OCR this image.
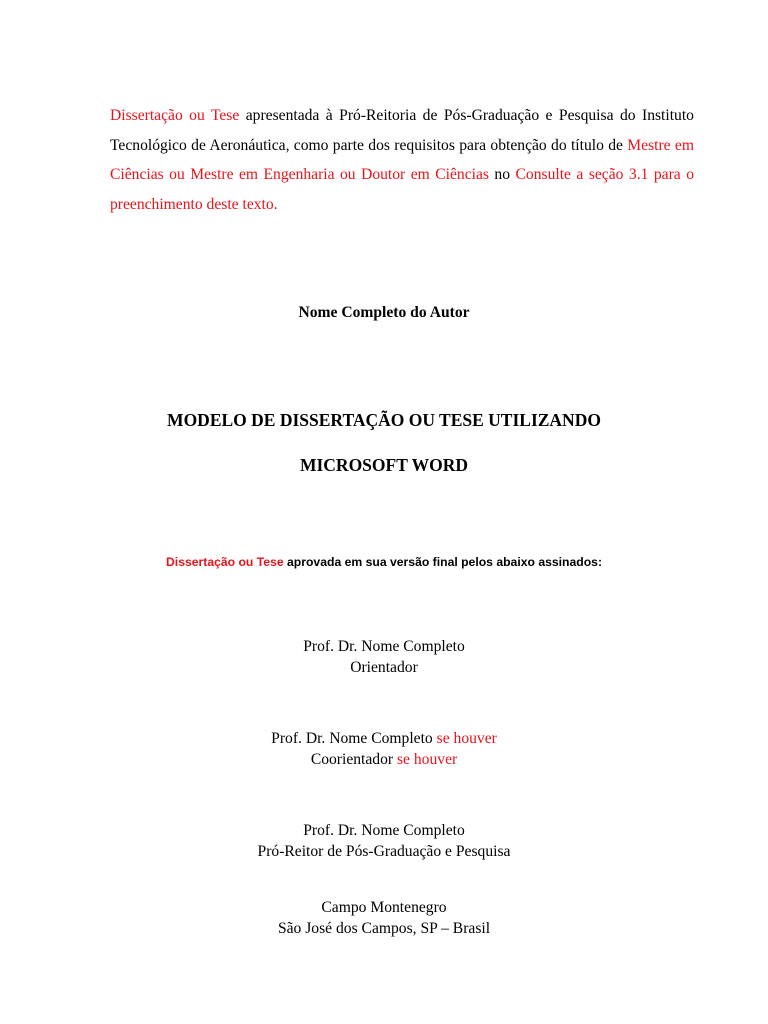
Dissertação ou Tese apresentada à Pró-Reitoria de Pós-Graduação e Pesquisa do Instituto Tecnológico de Aeronáutica, como parte dos requisitos para obtenção do título de Mestre em Ciências ou Mestre em Engenharia ou Doutor em Ciências no Consulte a seção 3.1 para o preenchimento deste texto.

Nome Completo do Autor

MODELO DE DISSERTAÇÃO OU TESE UTILIZANDO

MICROSOFT WORD

Dissertação ou Tese aprovada em sua versão final pelos abaixo assinados:

Prof. Dr. Nome Completo
Orientador
Prof. Dr. Nome Completo se houver
Coorientador se houver
Prof. Dr. Nome Completo
Pró-Reitor de Pós-Graduação e Pesquisa
Campo Montenegro
São José dos Campos, SP – Brasil
